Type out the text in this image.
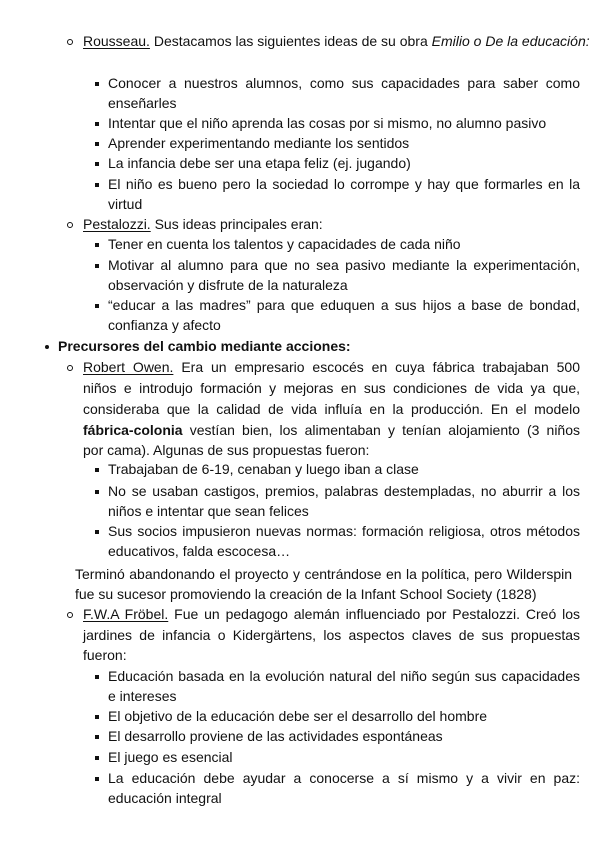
Rousseau. Destacamos las siguientes ideas de su obra Emilio o De la educación:
Conocer a nuestros alumnos, como sus capacidades para saber como
enseñarles
Intentar que el niño aprenda las cosas por si mismo, no alumno pasivo
Aprender experimentando mediante los sentidos
La infancia debe ser una etapa feliz (ej. jugando)
El niño es bueno pero la sociedad lo corrompe y hay que formarles en la
virtud
Pestalozzi. Sus ideas principales eran:
Tener en cuenta los talentos y capacidades de cada niño
Motivar al alumno para que no sea pasivo mediante la experimentación,
observación y disfrute de la naturaleza
“educar a las madres” para que eduquen a sus hijos a base de bondad,
confianza y afecto
Precursores del cambio mediante acciones:
Robert Owen. Era un empresario escocés en cuya fábrica trabajaban 500
niños e introdujo formación y mejoras en sus condiciones de vida ya que,
consideraba que la calidad de vida influía en la producción. En el modelo
fábrica-colonia vestían bien, los alimentaban y tenían alojamiento (3 niños
por cama). Algunas de sus propuestas fueron:
Trabajaban de 6-19, cenaban y luego iban a clase
No se usaban castigos, premios, palabras destempladas, no aburrir a los
niños e intentar que sean felices
Sus socios impusieron nuevas normas: formación religiosa, otros métodos
educativos, falda escocesa…
Terminó abandonando el proyecto y centrándose en la política, pero Wilderspin
fue su sucesor promoviendo la creación de la Infant School Society (1828)
F.W.A Fröbel. Fue un pedagogo alemán influenciado por Pestalozzi. Creó los
jardines de infancia o Kidergärtens, los aspectos claves de sus propuestas
fueron:
Educación basada en la evolución natural del niño según sus capacidades
e intereses
El objetivo de la educación debe ser el desarrollo del hombre
El desarrollo proviene de las actividades espontáneas
El juego es esencial
La educación debe ayudar a conocerse a sí mismo y a vivir en paz:
educación integral
